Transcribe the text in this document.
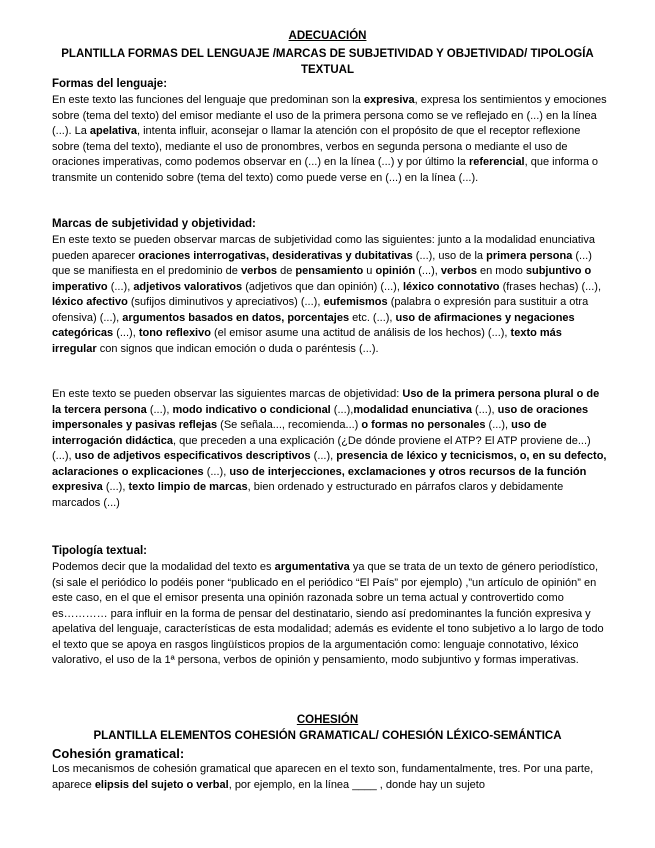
ADECUACIÓN
PLANTILLA FORMAS DEL LENGUAJE /MARCAS DE SUBJETIVIDAD Y OBJETIVIDAD/ TIPOLOGÍA TEXTUAL
Formas del lenguaje:

En este texto las funciones del lenguaje que predominan son la expresiva, expresa los sentimientos y emociones sobre (tema del texto) del emisor mediante el uso de la primera persona como se ve reflejado en (...) en la línea (...). La apelativa, intenta influir, aconsejar o llamar la atención con el propósito de que el receptor reflexione sobre (tema del texto), mediante el uso de pronombres, verbos en segunda persona o mediante el uso de oraciones imperativas, como podemos observar en (...) en la línea (...) y por último la referencial, que informa o transmite un contenido sobre (tema del texto) como puede verse en (...) en la línea (...).

Marcas de subjetividad y objetividad:

En este texto se pueden observar marcas de subjetividad como las siguientes: junto a la modalidad enunciativa pueden aparecer oraciones interrogativas, desiderativas y dubitativas (...), uso de la primera persona (...) que se manifiesta en el predominio de verbos de pensamiento u opinión (...), verbos en modo subjuntivo o imperativo (...), adjetivos valorativos (adjetivos que dan opinión) (...), léxico connotativo (frases hechas) (...), léxico afectivo (sufijos diminutivos y apreciativos) (...), eufemismos (palabra o expresión para sustituir a otra ofensiva) (...), argumentos basados en datos, porcentajes etc. (...), uso de afirmaciones y negaciones categóricas (...), tono reflexivo (el emisor asume una actitud de análisis de los hechos) (...), texto más irregular con signos que indican emoción o duda o paréntesis (...).

En este texto se pueden observar las siguientes marcas de objetividad: Uso de la primera persona plural o de la tercera persona (...), modo indicativo o condicional (...),modalidad enunciativa (...), uso de oraciones impersonales y pasivas reflejas (Se señala..., recomienda...) o formas no personales (...), uso de interrogación didáctica, que preceden a una explicación (¿De dónde proviene el ATP? El ATP proviene de...) (...), uso de adjetivos especificativos descriptivos (...), presencia de léxico y tecnicismos, o, en su defecto, aclaraciones o explicaciones (...), uso de interjecciones, exclamaciones y otros recursos de la función expresiva (...), texto limpio de marcas, bien ordenado y estructurado en párrafos claros y debidamente marcados (...)

Tipología textual:

Podemos decir que la modalidad del texto es argumentativa ya que se trata de un texto de género periodístico, (si sale el periódico lo podéis poner “publicado en el periódico “El País” por ejemplo) ,”un artículo de opinión” en este caso, en el que el emisor presenta una opinión razonada sobre un tema actual y controvertido como es………… para influir en la forma de pensar del destinatario, siendo así predominantes la función expresiva y apelativa del lenguaje, características de esta modalidad; además es evidente el tono subjetivo a lo largo de todo el texto que se apoya en rasgos lingüísticos propios de la argumentación como: lenguaje connotativo, léxico valorativo, el uso de la 1ª persona, verbos de opinión y pensamiento, modo subjuntivo y formas imperativas.

COHESIÓN
PLANTILLA ELEMENTOS COHESIÓN GRAMATICAL/ COHESIÓN LÉXICO-SEMÁNTICA
Cohesión gramatical:

Los mecanismos de cohesión gramatical que aparecen en el texto son, fundamentalmente, tres. Por una parte, aparece elipsis del sujeto o verbal, por ejemplo, en la línea ____ , donde hay un sujeto
